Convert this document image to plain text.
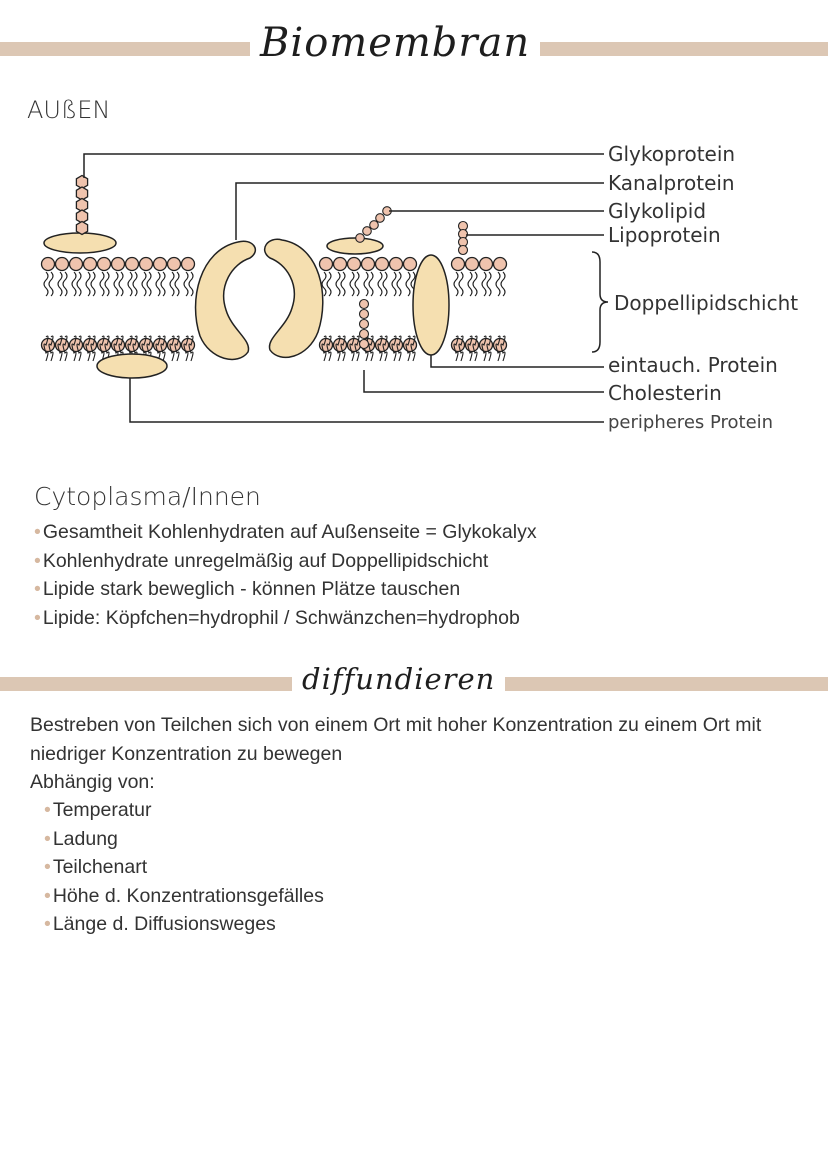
Biomembran
AUßEN
Glykoprotein
Kanalprotein
Glykolipid
Lipoprotein
Doppellipidschicht
eintauch. Protein
Cholesterin
peripheres Protein
Cytoplasma/Innen
• Gesamtheit Kohlenhydraten auf Außenseite = Glykokalyx
• Kohlenhydrate unregelmäßig auf Doppellipidschicht
• Lipide stark beweglich - können Plätze tauschen
• Lipide: Köpfchen=hydrophil / Schwänzchen=hydrophob
diffundieren

Bestreben von Teilchen sich von einem Ort mit hoher Konzentration zu einem Ort mit niedriger Konzentration zu bewegen

Abhängig von:
• Temperatur
• Ladung
• Teilchenart
• Höhe d. Konzentrationsgefälles
• Länge d. Diffusionsweges
